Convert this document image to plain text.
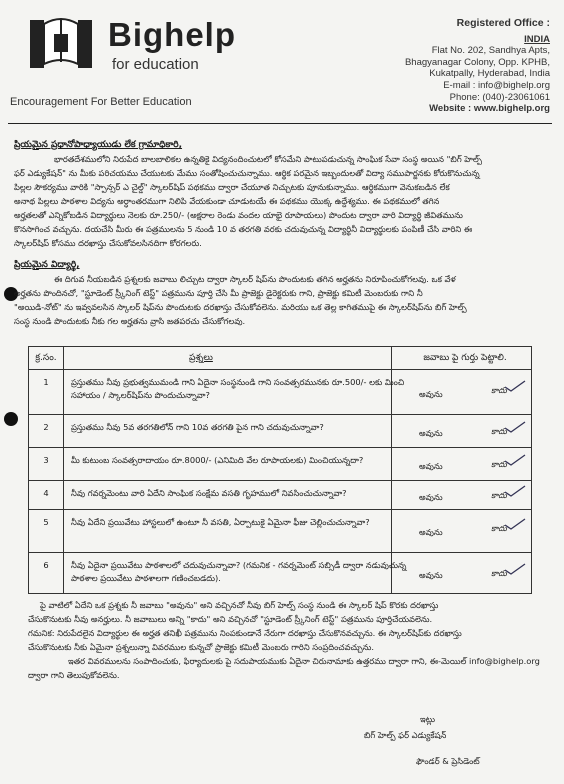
Bighelp
for education
Encouragement For Better Education
Registered Office :
INDIA
Flat No. 202, Sandhya Apts,
Bhagyanagar Colony, Opp. KPHB,
Kukatpally, Hyderabad, India
E-mail : info@bighelp.org
Phone: (040)-23061061
Website : www.bighelp.org
ప్రియమైన ప్రధానోపాధ్యాయుడు లేక గ్రామాధికారి,
భారతదేశములోని నిరుపేద బాలబాలికల ఉన్నతికై విద్యనందించుటలో కోసమేని పాటుపడుచున్న సాంఘిక సేవా సంస్థ అయిన "బిగ్ హెల్ప్
ఫర్ ఎడ్యుకేషన్" ను మీకు పరిచయము చేయుటకు మేము సంతోషించుచున్నాము. ఆర్థిక పరమైన ఇబ్బందులతో విద్యా సముపార్జనకు కోరుకొనుచున్న
పిల్లల సౌకర్యము వారికి "స్పాన్సర్ ఎ చైల్డ్" స్కాలర్‌షిప్ పథకము ద్వారా చేయూత నిచ్చుటకు పూనుకున్నాము. ఆర్థికముగా వెనుకబడిన లేక
అనాథ పిల్లలు పాఠశాల విద్యను అర్ధాంతరముగా నిలిపి వేయకుండా చూడుటయే ఈ పథకము యొక్క ఉద్దేశ్యము. ఈ పథకములో తగిన
అర్హతలతో ఎన్నికోబడిన విద్యార్థులు నెలకు రూ.250/- (అక్షరాల రెండు వందల యాభై రూపాయలు) పొందుట ద్వారా వారి విద్యార్థి జీవితమును
కొనసాగించ వచ్చును. దయచేసి మీరు ఈ పత్రములను 5 నుండి 10 వ తరగతి వరకు చదువుచున్న విద్యార్థినీ విద్యార్థులకు పంపిణీ చేసి వారిని ఈ
స్కాలర్‌షిప్ కోసము దరఖాస్తు చేసుకోవలసినదిగా కోరగలరు.
ప్రియమైన విద్యార్థి,
ఈ దిగువ నీయబడిన ప్రశ్నలకు జవాబు లిచ్చుట ద్వారా స్కాలర్ షిప్‌ను పొందుటకు తగిన అర్హతను నిరూపించుకోగలవు. ఒక వేళ
అర్హతను పొందినచో, "స్టూడెంట్ స్ర్కీనింగ్ టెస్ట్" పత్రమును పూర్తి చేసి మీ ప్రాజెక్టు డైరెక్టరుకు గాని, ప్రాజెక్టు కమిటీ మెంబరుకు గాని నీ
"అయిడి-నోట్" ను ఇవ్వవలసిన స్కాలర్ షిప్‌ను పొందుటకు దరఖాస్తు చేసుకోవలెను. మరియు ఒక తెల్ల కాగితముపై ఈ స్కాలర్‌షిప్‌ను బిగ్ హెల్ప్
సంస్థ నుండి పొందుటకు నీకు గల అర్హతను వ్రాసి జతపరచు చేసుకోగలవు.
క్ర.సం.	ప్రశ్నలు	జవాబు పై గుర్తు పెట్టాలి.
1	ప్రస్తుతము నీవు ప్రభుత్వముమండి గాని ఏదైనా సంస్థనుండి గాని సంవత్సరమునకు రూ.500/- లకు మించి సహాయం / స్కాలర్‌షిప్‌ను పొందుచున్నావా?	అవును	కాదు
2	ప్రస్తుతము నీవు 5వ తరగతిలోన్ గాని 10వ తరగతి పైన గాని చదువుచున్నావా?
అవును	కాదు
3	మీ కుటుంబ సంవత్సరాదాయం రూ.8000/- (ఎనిమిది వేల రూపాయలకు) మించియున్నదా?
అవును	కాదు
4	నీవు గవర్నమెంటు వారి ఏదేని సాంఘిక సంక్షేమ వసతి గృహములో నివసించుచున్నావా?	అవును	కాదు
5	నీవు ఏదేని ప్రయివేటు హాస్టలులో ఉంటూ నీ వసతి, ఏర్పాటుకై ఏమైనా ఫీజు చెల్లించుచున్నావా?
అవును	కాదు
6	నీవు ఏదైనా ప్రయివేటు పాఠశాలలో చదువుచున్నావా? (గమనిక - గవర్నమెంట్ సబ్సిడీ ద్వారా నడువుచున్న పాఠశాల ప్రయివేటు పాఠశాలగా గణించబడదు).	అవును	కాదు
పై వాటిలో ఏదేని ఒక ప్రశ్నకు నీ జవాబు "అవును" అని వచ్చినచో నీవు బిగ్ హెల్ప్ సంస్థ నుండి ఈ స్కాలర్ షిప్ కొరకు దరఖాస్తు
చేసుకొనుటకు నీవు అనర్హులు. నీ జవాబులు అన్ని "కాదు" అని వచ్చినచో "స్టూడెంట్ స్ర్కీనింగ్ టెస్ట్" పత్రమును పూర్తిచేయవలెను.
గమనిక: నిరుపేదలైన విద్యార్థుల ఈ అర్హత తనిఖీ పత్రమును నింపకుండానే నేరుగా దరఖాస్తు చేసుకొనవచ్చును. ఈ స్కాలర్‌షిప్‌కు దరఖాస్తు
చేసుకొనుటకు నీకు ఏమైనా ప్రశ్నలున్నా వివరముల కున్నచో ప్రాజెక్టు కమిటీ మెంబరు గారిని సంప్రదించవచ్చును.
ఇతర వివరములను సంపాదించుకు, ఫిర్యాదులకు పై సదుపాయముకు ఏదైనా చిరునామాకు ఉత్తరము ద్వారా గాని, ఈ-మెయిల్ info@bighelp.org
ద్వారా గాని తెలుపుకోవలెను.
ఇట్లు
బిగ్ హెల్ప్ ఫర్ ఎడ్యుకేషన్
ఫౌండర్ & ప్రెసిడెంట్
